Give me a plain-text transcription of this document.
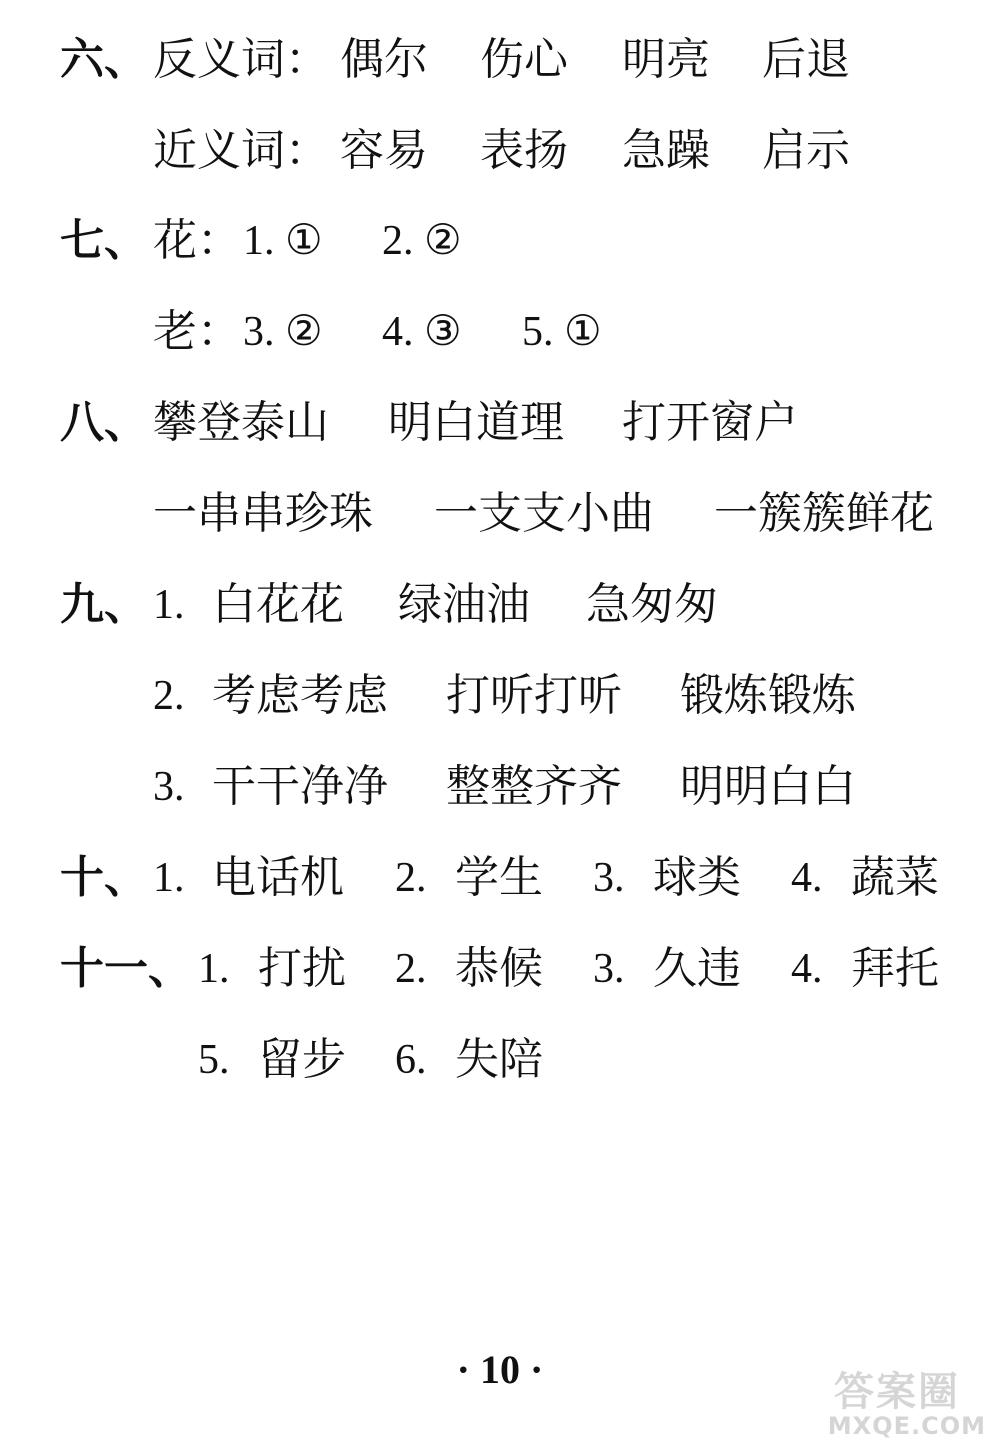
六、 反义词： 偶尔 伤心 明亮 后退
近义词： 容易 表扬 急躁 启示
七、 花： 1. ① 2. ②
老： 3. ② 4. ③ 5. ①
八、 攀登泰山 明白道理 打开窗户
一串串珍珠 一支支小曲 一簇簇鲜花
九、 1. 白花花 绿油油 急匆匆
2. 考虑考虑 打听打听 锻炼锻炼
3. 干干净净 整整齐齐 明明白白
十、 1. 电话机 2. 学生 3. 球类 4. 蔬菜
十一、 1. 打扰 2. 恭候 3. 久违 4. 拜托
5. 留步 6. 失陪
· 10 ·	答案圈
MXQE.COM
